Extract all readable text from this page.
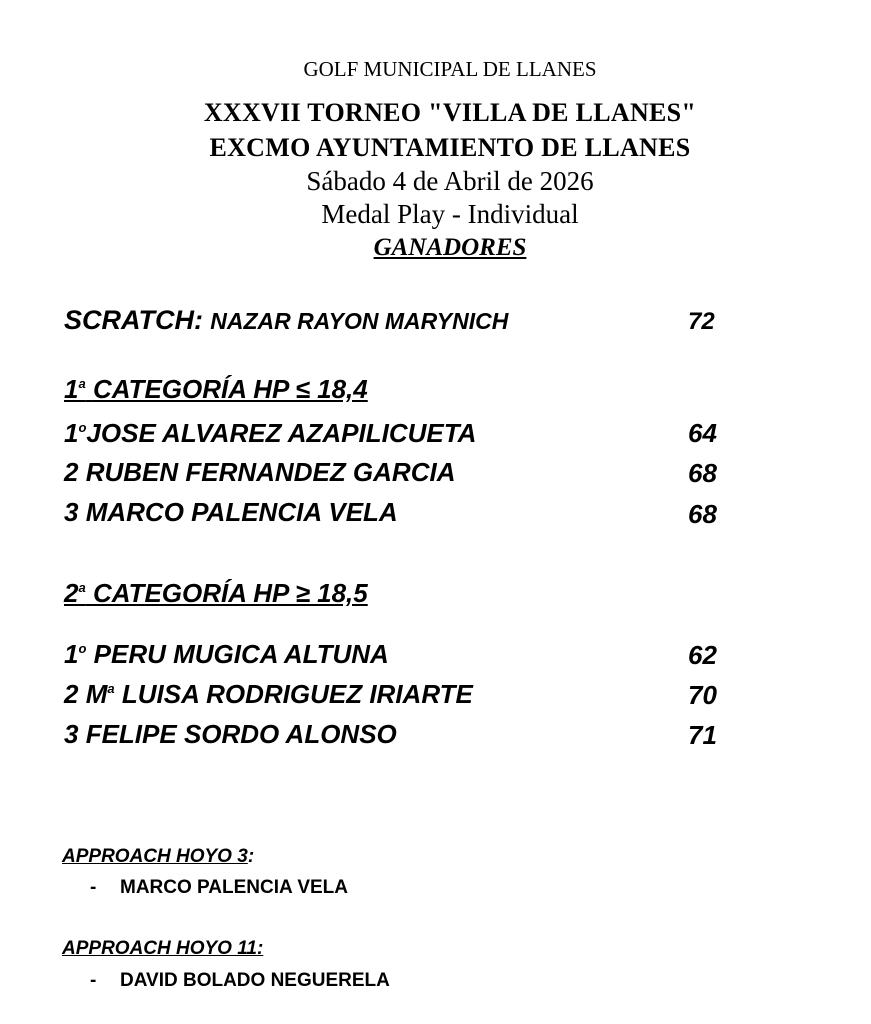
GOLF MUNICIPAL DE LLANES
XXXVII TORNEO "VILLA DE LLANES"
EXCMO AYUNTAMIENTO DE LLANES
Sábado 4 de Abril de 2026
Medal Play - Individual
GANADORES
SCRATCH: NAZAR RAYON MARYNICH	72
1$^a$ CATEGORÍA HP ≤ 18,4
1$^o$JOSE ALVAREZ AZAPILICUETA	64
2 RUBEN FERNANDEZ GARCIA	68
3 MARCO PALENCIA VELA	68
2$^a$ CATEGORÍA HP ≥ 18,5
1$^o$ PERU MUGICA ALTUNA	62
2 $M^a$ LUISA RODRIGUEZ IRIARTE	70
3 FELIPE SORDO ALONSO	71
APPROACH HOYO 3:
- MARCO PALENCIA VELA
APPROACH HOYO 11:
- DAVID BOLADO NEGUERELA
